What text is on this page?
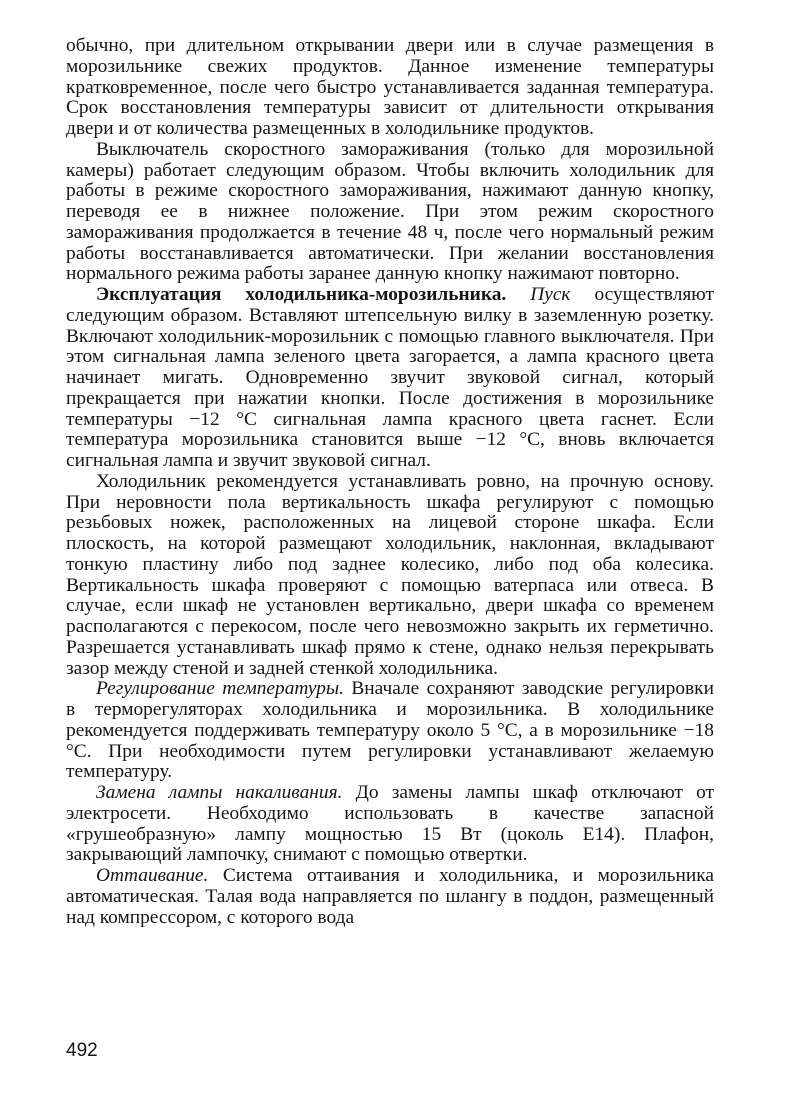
обычно, при длительном открывании двери или в случае размещения в морозильнике свежих продуктов. Данное изменение температуры кратковременное, после чего быстро устанавливается заданная температура. Срок восстановления температуры зависит от длительности открывания двери и от количества размещенных в холодильнике продуктов.

Выключатель скоростного замораживания (только для морозильной камеры) работает следующим образом. Чтобы включить холодильник для работы в режиме скоростного замораживания, нажимают данную кнопку, переводя ее в нижнее положение. При этом режим скоростного замораживания продолжается в течение 48 ч, после чего нормальный режим работы восстанавливается автоматически. При желании восстановления нормального режима работы заранее данную кнопку нажимают повторно.

Эксплуатация холодильника-морозильника. Пуск осуществляют следующим образом. Вставляют штепсельную вилку в заземленную розетку. Включают холодильник-морозильник с помощью главного выключателя. При этом сигнальная лампа зеленого цвета загорается, а лампа красного цвета начинает мигать. Одновременно звучит звуковой сигнал, который прекращается при нажатии кнопки. После достижения в морозильнике температуры −12 °С сигнальная лампа красного цвета гаснет. Если температура морозильника становится выше −12 °С, вновь включается сигнальная лампа и звучит звуковой сигнал.

Холодильник рекомендуется устанавливать ровно, на прочную основу. При неровности пола вертикальность шкафа регулируют с помощью резьбовых ножек, расположенных на лицевой стороне шкафа. Если плоскость, на которой размещают холодильник, наклонная, вкладывают тонкую пластину либо под заднее колесико, либо под оба колесика. Вертикальность шкафа проверяют с помощью ватерпаса или отвеса. В случае, если шкаф не установлен вертикально, двери шкафа со временем располагаются с перекосом, после чего невозможно закрыть их герметично. Разрешается устанавливать шкаф прямо к стене, однако нельзя перекрывать зазор между стеной и задней стенкой холодильника.

Регулирование температуры. Вначале сохраняют заводские регулировки в терморегуляторах холодильника и морозильника. В холодильнике рекомендуется поддерживать температуру около 5 °С, а в морозильнике −18 °С. При необходимости путем регулировки устанавливают желаемую температуру.

Замена лампы накаливания. До замены лампы шкаф отключают от электросети. Необходимо использовать в качестве запасной «грушеобразную» лампу мощностью 15 Вт (цоколь Е14). Плафон, закрывающий лампочку, снимают с помощью отвертки.

Оттаивание. Система оттаивания и холодильника, и морозильника автоматическая. Талая вода направляется по шлангу в поддон, размещенный над компрессором, с которого вода

492
